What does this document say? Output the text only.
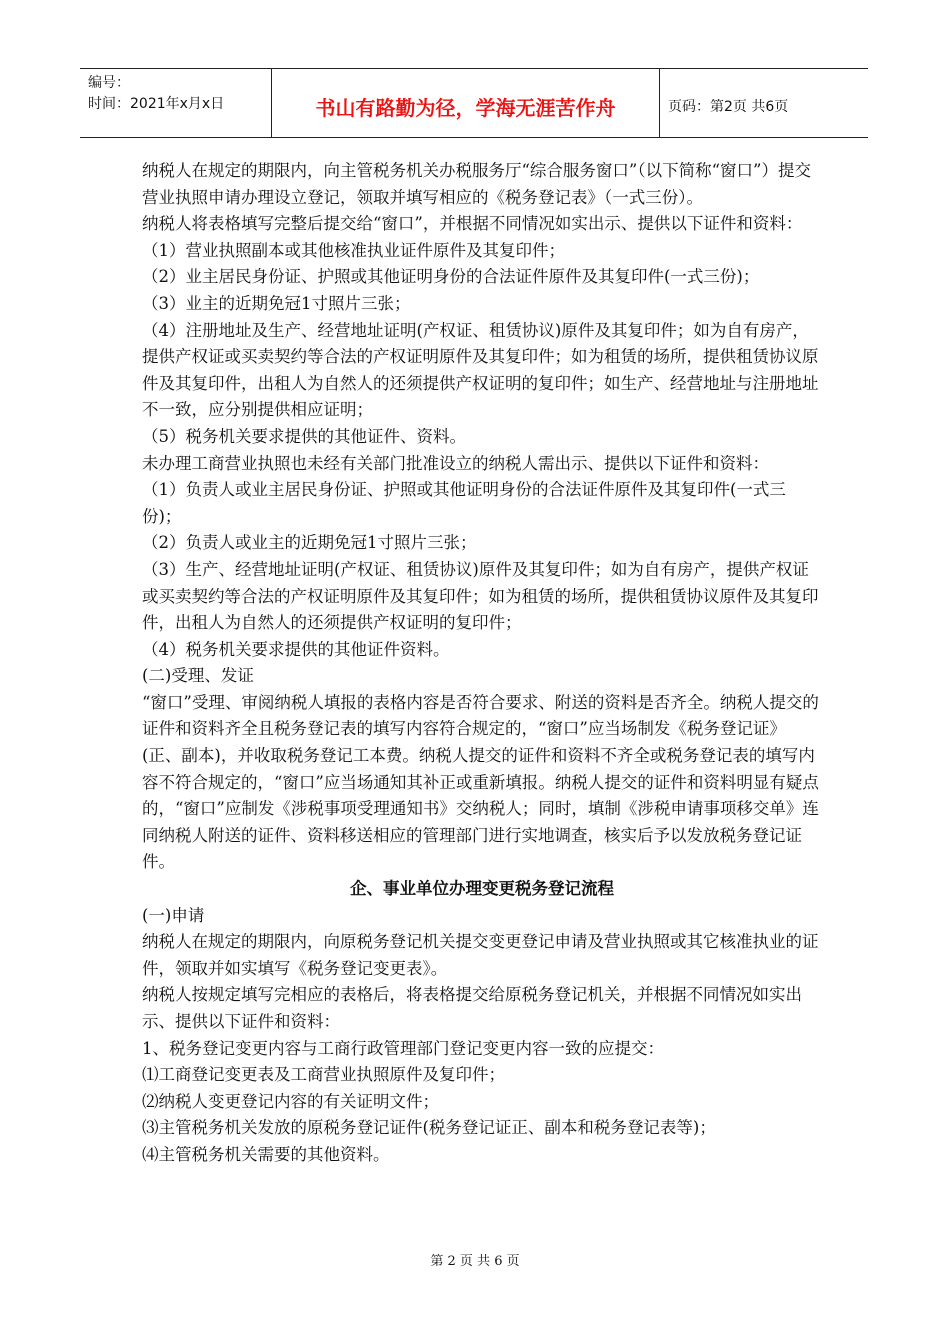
编号：
时间：2021年x月x日	书山有路勤为径，学海无涯苦作舟	页码：第2页 共6页

纳税人在规定的期限内，向主管税务机关办税服务厅“综合服务窗口”（以下简称“窗口”）提交营业执照申请办理设立登记，领取并填写相应的《税务登记表》（一式三份）。

纳税人将表格填写完整后提交给“窗口”，并根据不同情况如实出示、提供以下证件和资料：

（1）营业执照副本或其他核准执业证件原件及其复印件；

（2）业主居民身份证、护照或其他证明身份的合法证件原件及其复印件(一式三份)；

（3）业主的近期免冠1寸照片三张；

（4）注册地址及生产、经营地址证明(产权证、租赁协议)原件及其复印件；如为自有房产，提供产权证或买卖契约等合法的产权证明原件及其复印件；如为租赁的场所，提供租赁协议原件及其复印件，出租人为自然人的还须提供产权证明的复印件；如生产、经营地址与注册地址不一致，应分别提供相应证明；

（5）税务机关要求提供的其他证件、资料。

未办理工商营业执照也未经有关部门批准设立的纳税人需出示、提供以下证件和资料：

（1）负责人或业主居民身份证、护照或其他证明身份的合法证件原件及其复印件(一式三份)；

（2）负责人或业主的近期免冠1寸照片三张；

（3）生产、经营地址证明(产权证、租赁协议)原件及其复印件；如为自有房产，提供产权证或买卖契约等合法的产权证明原件及其复印件；如为租赁的场所，提供租赁协议原件及其复印件，出租人为自然人的还须提供产权证明的复印件；

（4）税务机关要求提供的其他证件资料。

(二)受理、发证

“窗口”受理、审阅纳税人填报的表格内容是否符合要求、附送的资料是否齐全。纳税人提交的证件和资料齐全且税务登记表的填写内容符合规定的，“窗口”应当场制发《税务登记证》(正、副本)，并收取税务登记工本费。纳税人提交的证件和资料不齐全或税务登记表的填写内容不符合规定的，“窗口”应当场通知其补正或重新填报。纳税人提交的证件和资料明显有疑点的，“窗口”应制发《涉税事项受理通知书》交纳税人；同时，填制《涉税申请事项移交单》连同纳税人附送的证件、资料移送相应的管理部门进行实地调查，核实后予以发放税务登记证件。

企、事业单位办理变更税务登记流程

(一)申请

纳税人在规定的期限内，向原税务登记机关提交变更登记申请及营业执照或其它核准执业的证件，领取并如实填写《税务登记变更表》。

纳税人按规定填写完相应的表格后，将表格提交给原税务登记机关，并根据不同情况如实出示、提供以下证件和资料：

1、税务登记变更内容与工商行政管理部门登记变更内容一致的应提交：

⑴工商登记变更表及工商营业执照原件及复印件；

⑵纳税人变更登记内容的有关证明文件；

⑶主管税务机关发放的原税务登记证件(税务登记证正、副本和税务登记表等)；

⑷主管税务机关需要的其他资料。

第 2 页 共 6 页
